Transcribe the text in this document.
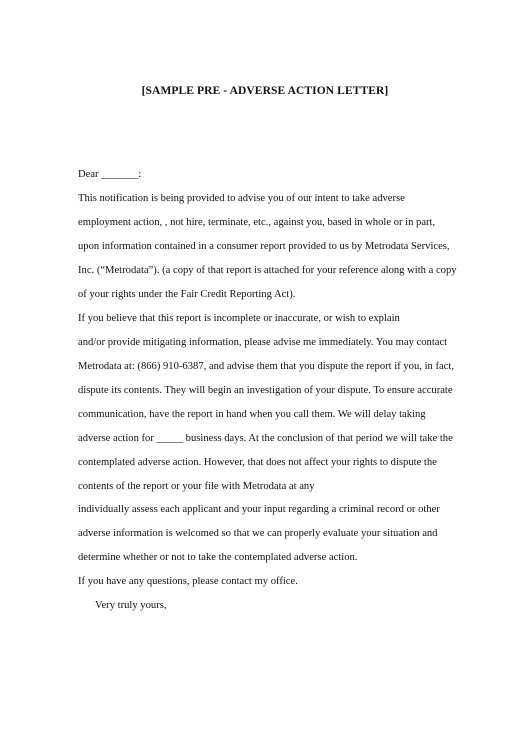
[SAMPLE PRE - ADVERSE ACTION LETTER]
Dear _______:
This notification is being provided to advise you of our intent to take adverse
employment action, , not hire, terminate, etc., against you, based in whole or in part,
upon information contained in a consumer report provided to us by Metrodata Services,
Inc. (“Metrodata”). (a copy of that report is attached for your reference along with a copy
of your rights under the Fair Credit Reporting Act).
If you believe that this report is incomplete or inaccurate, or wish to explain
and/or provide mitigating information, please advise me immediately. You may contact
Metrodata at: (866) 910-6387, and advise them that you dispute the report if you, in fact,
dispute its contents. They will begin an investigation of your dispute. To ensure accurate
communication, have the report in hand when you call them. We will delay taking
adverse action for _____ business days. At the conclusion of that period we will take the
contemplated adverse action. However, that does not affect your rights to dispute the
contents of the report or your file with Metrodata at any
individually assess each applicant and your input regarding a criminal record or other
adverse information is welcomed so that we can properly evaluate your situation and
determine whether or not to take the contemplated adverse action.
If you have any questions, please contact my office.
Very truly yours,
